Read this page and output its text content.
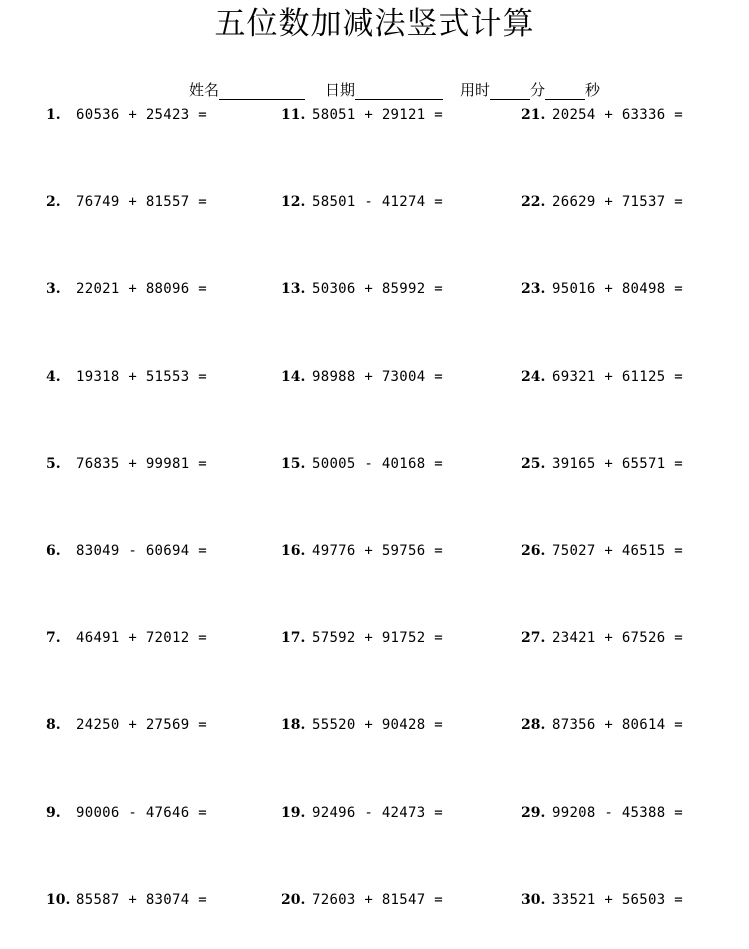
五位数加减法竖式计算
姓名	日期	用时	分	秒
1. 60536 + 25423 =
2. 76749 + 81557 =
3. 22021 + 88096 =
4. 19318 + 51553 =
5. 76835 + 99981 =
6. 83049 - 60694 =
7. 46491 + 72012 =
8. 24250 + 27569 =
9. 90006 - 47646 =
10. 85587 + 83074 =
11. 58051 + 29121 =
12. 58501 - 41274 =
13. 50306 + 85992 =
14. 98988 + 73004 =
15. 50005 - 40168 =
16. 49776 + 59756 =
17. 57592 + 91752 =
18. 55520 + 90428 =
19. 92496 - 42473 =
20. 72603 + 81547 =
21. 20254 + 63336 =
22. 26629 + 71537 =
23. 95016 + 80498 =
24. 69321 + 61125 =
25. 39165 + 65571 =
26. 75027 + 46515 =
27. 23421 + 67526 =
28. 87356 + 80614 =
29. 99208 - 45388 =
30. 33521 + 56503 =
